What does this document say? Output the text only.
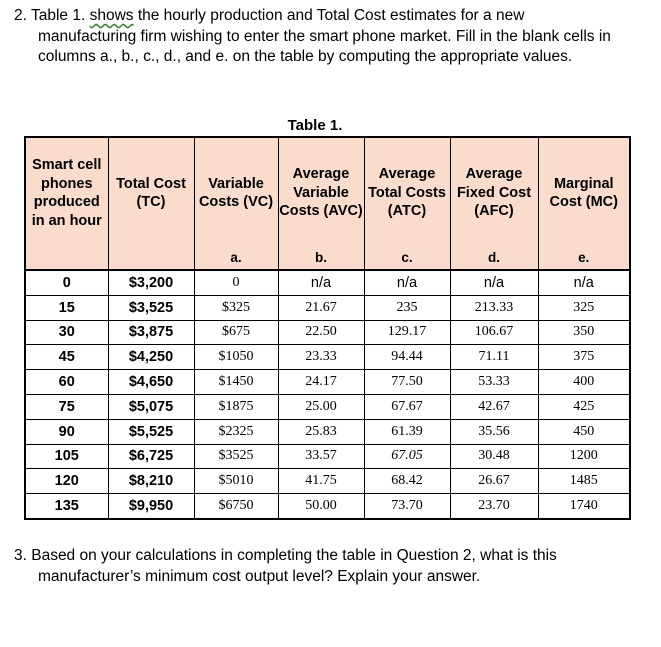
2. Table 1. shows the hourly production and Total Cost estimates for a new
manufacturing firm wishing to enter the smart phone market. Fill in the blank cells in
columns a., b., c., d., and e. on the table by computing the appropriate values.
Table 1.
Smart cell phones produced in an hour	Total Cost (TC)	Variable Costs (VC)	Average Variable Costs (AVC)	Average Total Costs (ATC)	Average Fixed Cost (AFC)	Marginal Cost (MC)
		a.	b.	c.	d.	e.
0	$3,200	0	n/a	n/a	n/a	n/a
15	$3,525	$325	21.67	235	213.33	325
30	$3,875	$675	22.50	129.17	106.67	350
45	$4,250	$1050	23.33	94.44	71.11	375
60	$4,650	$1450	24.17	77.50	53.33	400
75	$5,075	$1875	25.00	67.67	42.67	425
90	$5,525	$2325	25.83	61.39	35.56	450
105	$6,725	$3525	33.57	67.05	30.48	1200
120	$8,210	$5010	41.75	68.42	26.67	1485
135	$9,950	$6750	50.00	73.70	23.70	1740
3. Based on your calculations in completing the table in Question 2, what is this
manufacturer’s minimum cost output level? Explain your answer.
